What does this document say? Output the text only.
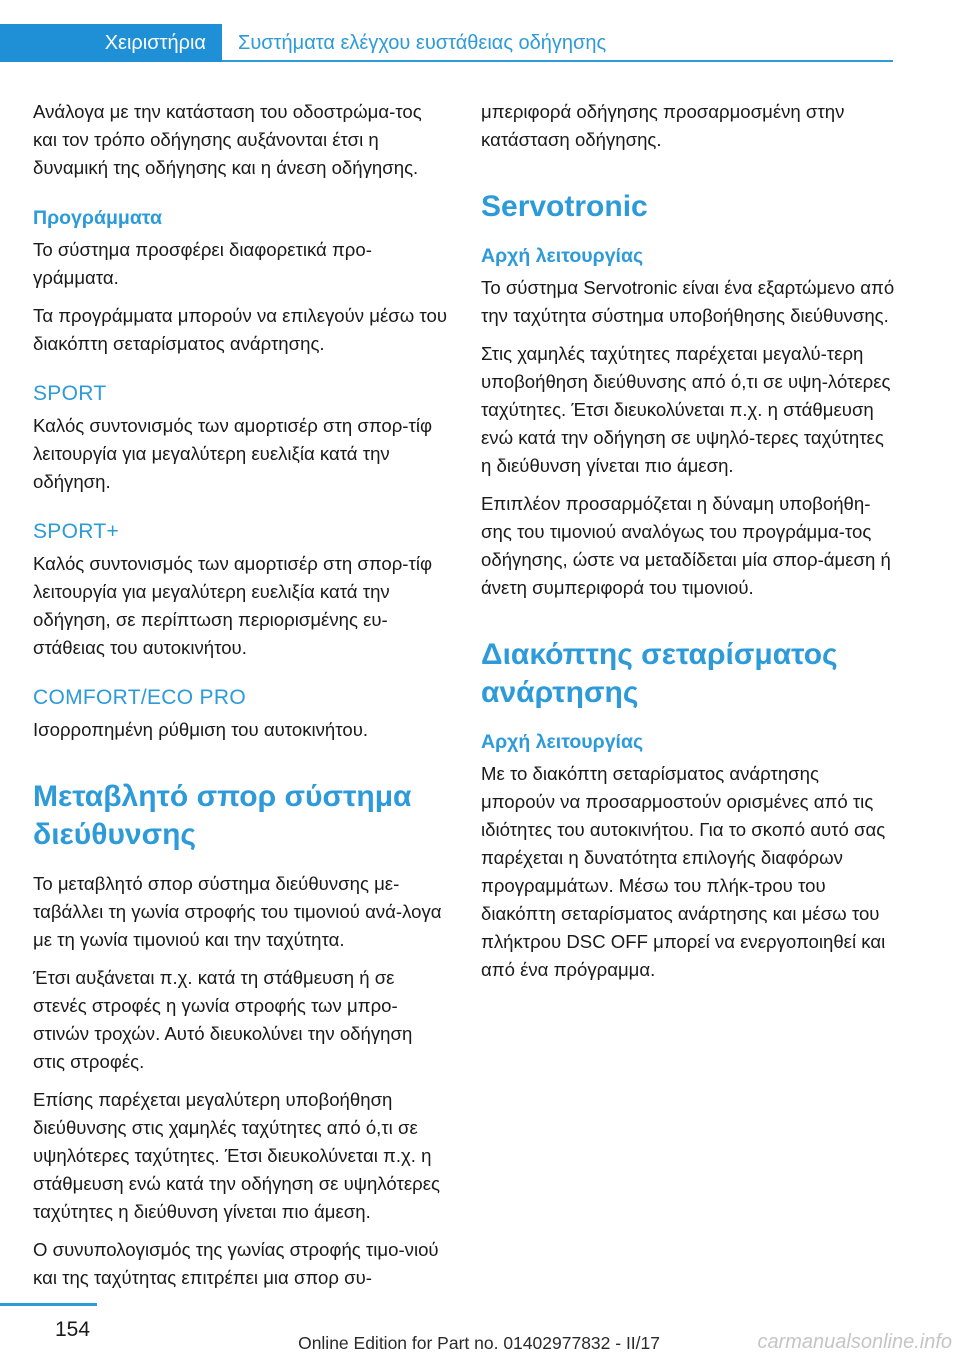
Χειριστήρια	Συστήματα ελέγχου ευστάθειας οδήγησης

Ανάλογα με την κατάσταση του οδοστρώμα-τος και τον τρόπο οδήγησης αυξάνονται έτσι η δυναμική της οδήγησης και η άνεση οδήγησης.

Προγράμματα

Το σύστημα προσφέρει διαφορετικά προ-γράμματα.

Τα προγράμματα μπορούν να επιλεγούν μέσω του διακόπτη σεταρίσματος ανάρτησης.

SPORT

Καλός συντονισμός των αμορτισέρ στη σπορ-τίφ λειτουργία για μεγαλύτερη ευελιξία κατά την οδήγηση.

SPORT+

Καλός συντονισμός των αμορτισέρ στη σπορ-τίφ λειτουργία για μεγαλύτερη ευελιξία κατά την οδήγηση, σε περίπτωση περιορισμένης ευ-στάθειας του αυτοκινήτου.

COMFORT/ECO PRO

Ισορροπημένη ρύθμιση του αυτοκινήτου.

Μεταβλητό σπορ σύστημα διεύθυνσης

Το μεταβλητό σπορ σύστημα διεύθυνσης με-ταβάλλει τη γωνία στροφής του τιμονιού ανά-λογα με τη γωνία τιμονιού και την ταχύτητα.

Έτσι αυξάνεται π.χ. κατά τη στάθμευση ή σε στενές στροφές η γωνία στροφής των μπρο-στινών τροχών. Αυτό διευκολύνει την οδήγηση στις στροφές.

Επίσης παρέχεται μεγαλύτερη υποβοήθηση διεύθυνσης στις χαμηλές ταχύτητες από ό,τι σε υψηλότερες ταχύτητες. Έτσι διευκολύνεται π.χ. η στάθμευση ενώ κατά την οδήγηση σε υψηλότερες ταχύτητες η διεύθυνση γίνεται πιο άμεση.

Ο συνυπολογισμός της γωνίας στροφής τιμο-νιού και της ταχύτητας επιτρέπει μια σπορ συ-

μπεριφορά οδήγησης προσαρμοσμένη στην κατάσταση οδήγησης.

Servotronic
Αρχή λειτουργίας

Το σύστημα Servotronic είναι ένα εξαρτώμενο από την ταχύτητα σύστημα υποβοήθησης διεύθυνσης.

Στις χαμηλές ταχύτητες παρέχεται μεγαλύ-τερη υποβοήθηση διεύθυνσης από ό,τι σε υψη-λότερες ταχύτητες. Έτσι διευκολύνεται π.χ. η στάθμευση ενώ κατά την οδήγηση σε υψηλό-τερες ταχύτητες η διεύθυνση γίνεται πιο άμεση.

Επιπλέον προσαρμόζεται η δύναμη υποβοήθη-σης του τιμονιού αναλόγως του προγράμμα-τος οδήγησης, ώστε να μεταδίδεται μία σπορ-άμεση ή άνετη συμπεριφορά του τιμονιού.

Διακόπτης σεταρίσματος ανάρτησης
Αρχή λειτουργίας

Με το διακόπτη σεταρίσματος ανάρτησης μπορούν να προσαρμοστούν ορισμένες από τις ιδιότητες του αυτοκινήτου. Για το σκοπό αυτό σας παρέχεται η δυνατότητα επιλογής διαφόρων προγραμμάτων. Μέσω του πλήκ-τρου του διακόπτη σεταρίσματος ανάρτησης και μέσω του πλήκτρου DSC OFF μπορεί να ενεργοποιηθεί και από ένα πρόγραμμα.

154
Online Edition for Part no. 01402977832 - II/17	carmanualsonline.info
